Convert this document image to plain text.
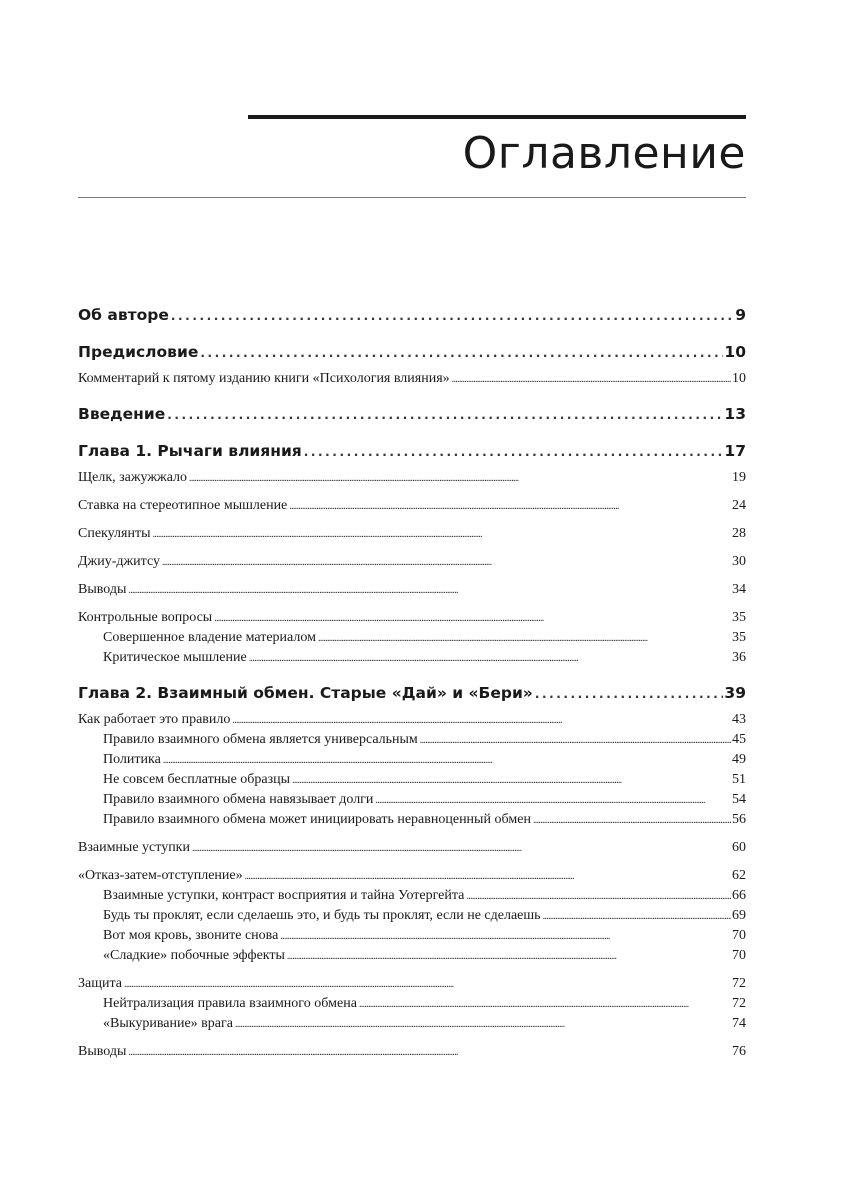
Оглавление
Об авторе . . .	9
Предисловие . . .	10
Комментарий к пятому изданию книги «Психология влияния» . . .	10
Введение . . .	13
Глава 1. Рычаги влияния . . .	17
Щелк, зажужжало . . .	19
Ставка на стереотипное мышление . . .	24
Спекулянты . . .	28
Джиу-джитсу . . .	30
Выводы . . .	34
Контрольные вопросы . . .	35
Совершенное владение материалом . . .	35
Критическое мышление . . .	36
Глава 2. Взаимный обмен. Старые «Дай» и «Бери» . . .	39
Как работает это правило . . .	43
Правило взаимного обмена является универсальным . . .	45
Политика . . .	49
Не совсем бесплатные образцы . . .	51
Правило взаимного обмена навязывает долги . . .	54
Правило взаимного обмена может инициировать неравноценный обмен . . .	56
Взаимные уступки . . .	60
«Отказ-затем-отступление» . . .	62
Взаимные уступки, контраст восприятия и тайна Уотергейта . . .	66
Будь ты проклят, если сделаешь это, и будь ты проклят, если не сделаешь . . .	69
Вот моя кровь, звоните снова . . .	70
«Сладкие» побочные эффекты . . .	70
Защита . . .	72
Нейтрализация правила взаимного обмена . . .	72
«Выкуривание» врага . . .	74
Выводы . . .	76
